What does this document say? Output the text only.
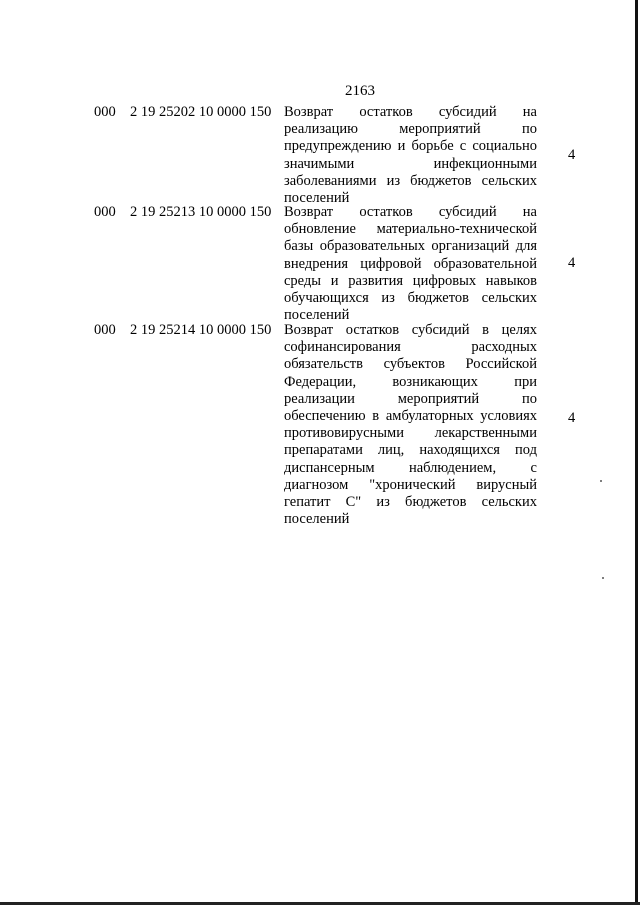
2163
000 2 19 25202 10 0000 150 Возврат остатков субсидий на
реализацию мероприятий по
предупреждению и борьбе с социально
значимыми инфекционными
заболеваниями из бюджетов сельских
поселений
4
000 2 19 25213 10 0000 150 Возврат остатков субсидий на
обновление материально-технической
базы образовательных организаций для
внедрения цифровой образовательной
среды и развития цифровых навыков
обучающихся из бюджетов сельских
поселений
4
000 2 19 25214 10 0000 150 Возврат остатков субсидий в целях
софинансирования расходных
обязательств субъектов Российской
Федерации, возникающих при
реализации мероприятий по
обеспечению в амбулаторных условиях
противовирусными лекарственными
препаратами лиц, находящихся под
диспансерным наблюдением, с
диагнозом "хронический вирусный
гепатит С" из бюджетов сельских
поселений
4
